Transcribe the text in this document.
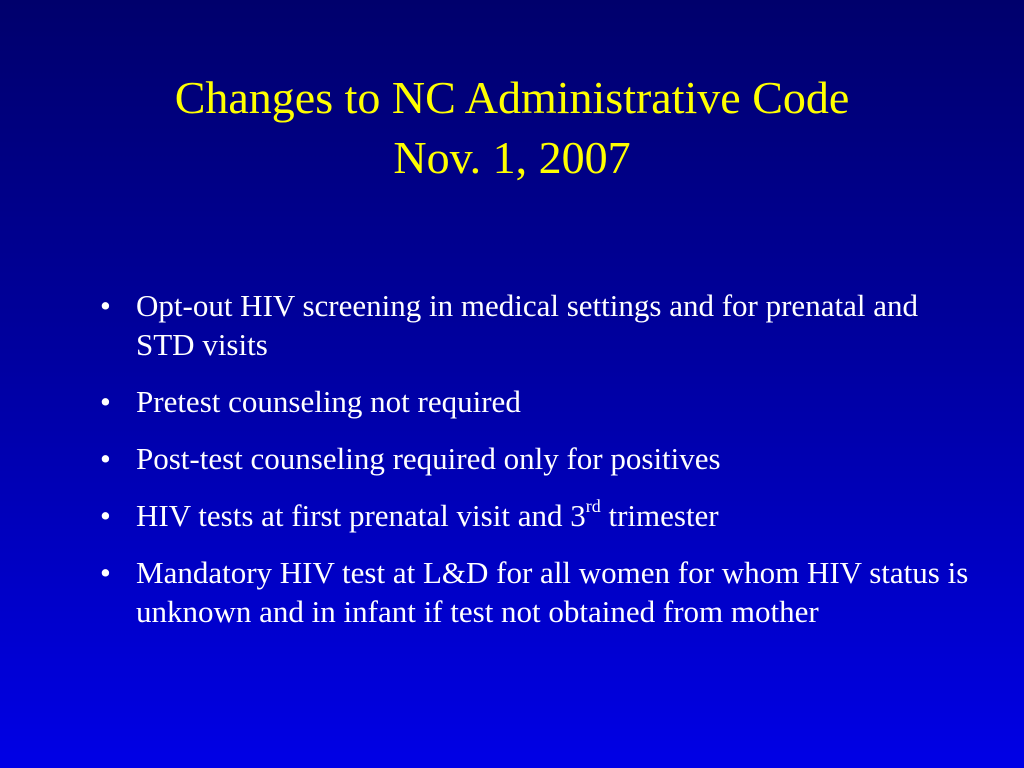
Changes to NC Administrative Code
Nov. 1, 2007
• Opt-out HIV screening in medical settings and for prenatal and STD visits
• Pretest counseling not required
• Post-test counseling required only for positives
• HIV tests at first prenatal visit and 3rd trimester
• Mandatory HIV test at L&D for all women for whom HIV status is unknown and in infant if test not obtained from mother
